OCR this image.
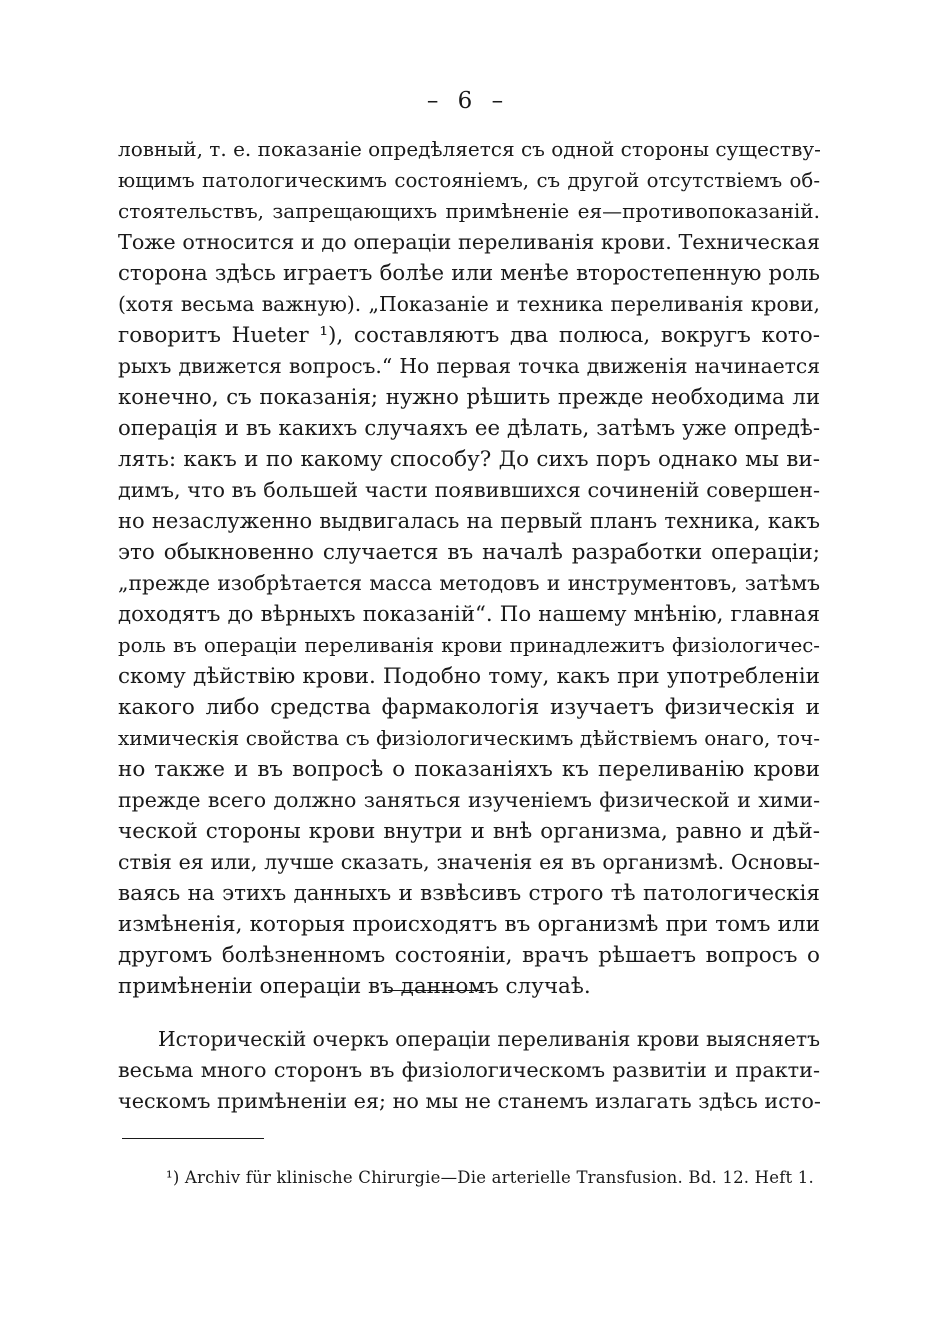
– 6 –
ловный, т. е. показаніе опредѣляется съ одной стороны существу-
ющимъ патологическимъ состояніемъ, съ другой отсутствіемъ об-
стоятельствъ, запрещающихъ примѣненіе ея—противопоказаній.
Тоже относится и до операціи переливанія крови. Техническая
сторона здѣсь играетъ болѣе или менѣе второстепенную роль
(хотя весьма важную). „Показаніе и техника переливанія крови,
говоритъ Hueter ¹), составляютъ два полюса, вокругъ кото-
рыхъ движется вопросъ.“ Но первая точка движенія начинается
конечно, съ показанія; нужно рѣшить прежде необходима ли
операція и въ какихъ случаяхъ ее дѣлать, затѣмъ уже опредѣ-
лять: какъ и по какому способу? До сихъ поръ однако мы ви-
димъ, что въ большей части появившихся сочиненій совершен-
но незаслуженно выдвигалась на первый планъ техника, какъ
это обыкновенно случается въ началѣ разработки операціи;
„прежде изобрѣтается масса методовъ и инструментовъ, затѣмъ
доходятъ до вѣрныхъ показаній“. По нашему мнѣнію, главная
роль въ операціи переливанія крови принадлежитъ физіологичес-
скому дѣйствію крови. Подобно тому, какъ при употребленіи
какого либо средства фармакологія изучаетъ физическія и
химическія свойства съ физіологическимъ дѣйствіемъ онаго, точ-
но также и въ вопросѣ о показаніяхъ къ переливанію крови
прежде всего должно заняться изученіемъ физической и хими-
ческой стороны крови внутри и внѣ организма, равно и дѣй-
ствія ея или, лучше сказать, значенія ея въ организмѣ. Основы-
ваясь на этихъ данныхъ и взвѣсивъ строго тѣ патологическія
измѣненія, которыя происходятъ въ организмѣ при томъ или
другомъ болѣзненномъ состояніи, врачъ рѣшаетъ вопросъ о
примѣненіи операціи въ данномъ случаѣ.
Историческій очеркъ операціи переливанія крови выясняетъ
весьма много сторонъ въ физіологическомъ развитіи и практи-
ческомъ примѣненіи ея; но мы не станемъ излагать здѣсь исто-
¹) Archiv für klinische Chirurgie—Die arterielle Transfusion. Bd. 12. Heft 1.
